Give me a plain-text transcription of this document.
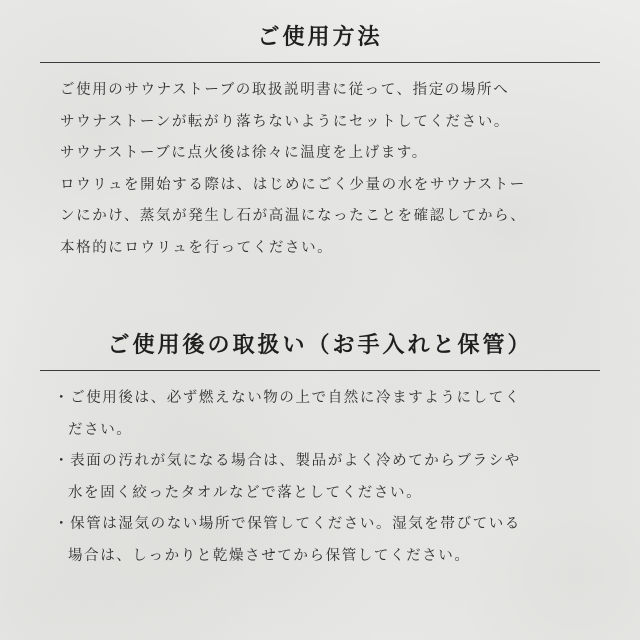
ご使用方法
ご使用のサウナストーブの取扱説明書に従って、指定の場所へ
サウナストーンが転がり落ちないようにセットしてください。
サウナストーブに点火後は徐々に温度を上げます。
ロウリュを開始する際は、はじめにごく少量の水をサウナストー
ンにかけ、蒸気が発生し石が高温になったことを確認してから、
本格的にロウリュを行ってください。
ご使用後の取扱い（お手入れと保管）
・ご使用後は、必ず燃えない物の上で自然に冷ますようにしてく
ださい。
・表面の汚れが気になる場合は、製品がよく冷めてからブラシや
水を固く絞ったタオルなどで落としてください。
・保管は湿気のない場所で保管してください。湿気を帯びている
場合は、しっかりと乾燥させてから保管してください。
